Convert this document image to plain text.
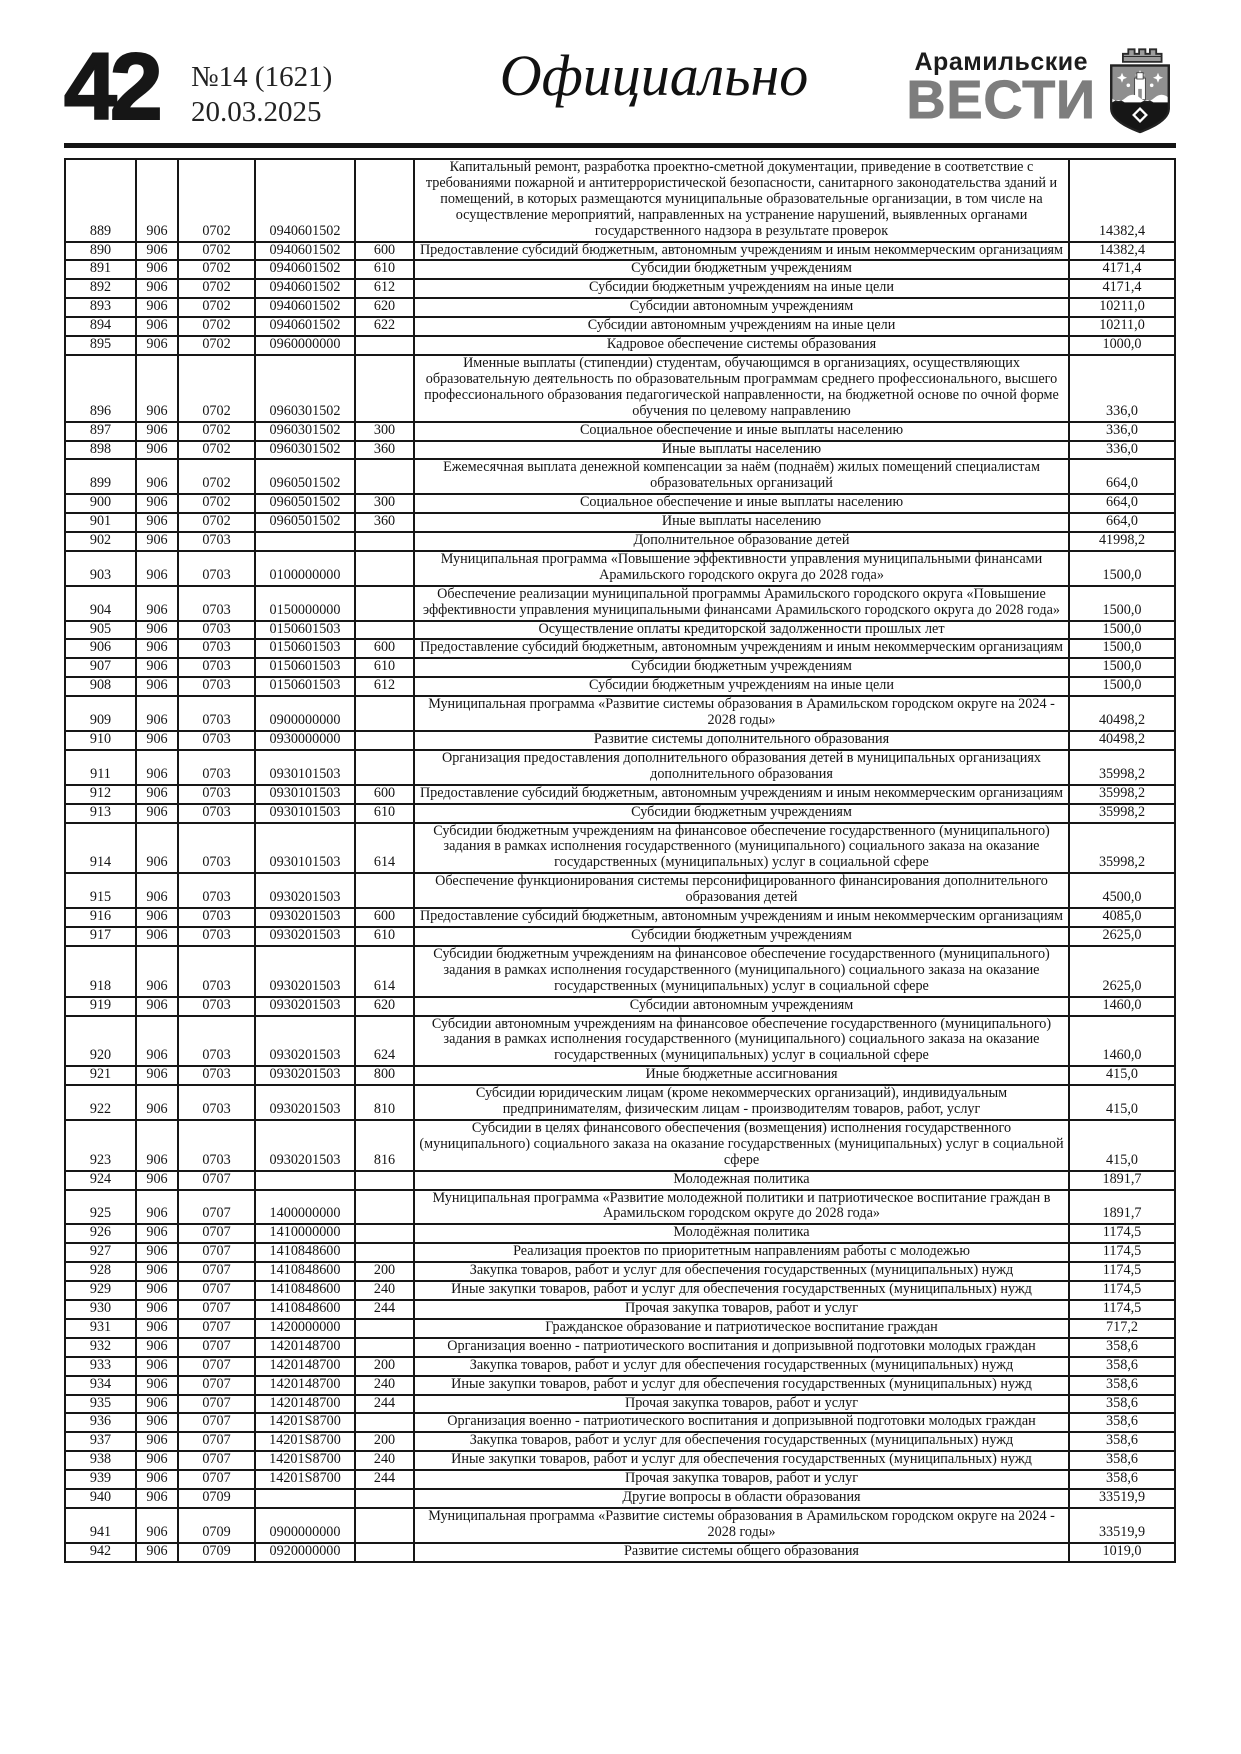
42 №14 (1621)
20.03.2025
Официально	Арамильские
ВЕСТИ
889	906	0702	0940601502		Капитальный ремонт, разработка проектно-сметной документации, приведение в соответствие с требованиями пожарной и антитеррористической безопасности, санитарного законодательства зданий и помещений, в которых размещаются муниципальные образовательные организации, в том числе на осуществление мероприятий, направленных на устранение нарушений, выявленных органами государственного надзора в результате проверок	14382,4
890	906	0702	0940601502	600	Предоставление субсидий бюджетным, автономным учреждениям и иным некоммерческим организациям	14382,4
891	906	0702	0940601502	610	Субсидии бюджетным учреждениям	4171,4
892	906	0702	0940601502	612	Субсидии бюджетным учреждениям на иные цели	4171,4
893	906	0702	0940601502	620	Субсидии автономным учреждениям	10211,0
894	906	0702	0940601502	622	Субсидии автономным учреждениям на иные цели	10211,0
895	906	0702	0960000000		Кадровое обеспечение системы образования	1000,0
896	906	0702	0960301502		Именные выплаты (стипендии) студентам, обучающимся в организациях, осуществляющих образовательную деятельность по образовательным программам среднего профессионального, высшего профессионального образования педагогической направленности, на бюджетной основе по очной форме обучения по целевому направлению	336,0
897	906	0702	0960301502	300	Социальное обеспечение и иные выплаты населению	336,0
898	906	0702	0960301502	360	Иные выплаты населению	336,0
899	906	0702	0960501502		Ежемесячная выплата денежной компенсации за наём (поднаём) жилых помещений специалистам образовательных организаций	664,0
900	906	0702	0960501502	300	Социальное обеспечение и иные выплаты населению	664,0
901	906	0702	0960501502	360	Иные выплаты населению	664,0
902	906	0703			Дополнительное образование детей	41998,2
903	906	0703	0100000000		Муниципальная программа «Повышение эффективности управления муниципальными финансами Арамильского городского округа до 2028 года»	1500,0
904	906	0703	0150000000		Обеспечение реализации муниципальной программы Арамильского городского округа «Повышение эффективности управления муниципальными финансами Арамильского городского округа до 2028 года»	1500,0
905	906	0703	0150601503		Осуществление оплаты кредиторской задолженности прошлых лет	1500,0
906	906	0703	0150601503	600	Предоставление субсидий бюджетным, автономным учреждениям и иным некоммерческим организациям	1500,0
907	906	0703	0150601503	610	Субсидии бюджетным учреждениям	1500,0
908	906	0703	0150601503	612	Субсидии бюджетным учреждениям на иные цели	1500,0
909	906	0703	0900000000		Муниципальная программа «Развитие системы образования в Арамильском городском округе на 2024 - 2028 годы»	40498,2
910	906	0703	0930000000		Развитие системы дополнительного образования	40498,2
911	906	0703	0930101503		Организация предоставления дополнительного образования детей в муниципальных организациях дополнительного образования	35998,2
912	906	0703	0930101503	600	Предоставление субсидий бюджетным, автономным учреждениям и иным некоммерческим организациям	35998,2
913	906	0703	0930101503	610	Субсидии бюджетным учреждениям	35998,2
914	906	0703	0930101503	614	Субсидии бюджетным учреждениям на финансовое обеспечение государственного (муниципального) задания в рамках исполнения государственного (муниципального) социального заказа на оказание государственных (муниципальных) услуг в социальной сфере	35998,2
915	906	0703	0930201503		Обеспечение функционирования системы персонифицированного финансирования дополнительного образования детей	4500,0
916	906	0703	0930201503	600	Предоставление субсидий бюджетным, автономным учреждениям и иным некоммерческим организациям	4085,0
917	906	0703	0930201503	610	Субсидии бюджетным учреждениям	2625,0
918	906	0703	0930201503	614	Субсидии бюджетным учреждениям на финансовое обеспечение государственного (муниципального) задания в рамках исполнения государственного (муниципального) социального заказа на оказание государственных (муниципальных) услуг в социальной сфере	2625,0
919	906	0703	0930201503	620	Субсидии автономным учреждениям	1460,0
920	906	0703	0930201503	624	Субсидии автономным учреждениям на финансовое обеспечение государственного (муниципального) задания в рамках исполнения государственного (муниципального) социального заказа на оказание государственных (муниципальных) услуг в социальной сфере	1460,0
921	906	0703	0930201503	800	Иные бюджетные ассигнования	415,0
922	906	0703	0930201503	810	Субсидии юридическим лицам (кроме некоммерческих организаций), индивидуальным предпринимателям, физическим лицам - производителям товаров, работ, услуг	415,0
923	906	0703	0930201503	816	Субсидии в целях финансового обеспечения (возмещения) исполнения государственного (муниципального) социального заказа на оказание государственных (муниципальных) услуг в социальной сфере	415,0
924	906	0707			Молодежная политика	1891,7
925	906	0707	1400000000		Муниципальная программа «Развитие молодежной политики и патриотическое воспитание граждан в Арамильском городском округе до 2028 года»	1891,7
926	906	0707	1410000000		Молодёжная политика	1174,5
927	906	0707	1410848600		Реализация проектов по приоритетным направлениям работы с молодежью	1174,5
928	906	0707	1410848600	200	Закупка товаров, работ и услуг для обеспечения государственных (муниципальных) нужд	1174,5
929	906	0707	1410848600	240	Иные закупки товаров, работ и услуг для обеспечения государственных (муниципальных) нужд	1174,5
930	906	0707	1410848600	244	Прочая закупка товаров, работ и услуг	1174,5
931	906	0707	1420000000		Гражданское образование и патриотическое воспитание граждан	717,2
932	906	0707	1420148700		Организация военно - патриотического воспитания и допризывной подготовки молодых граждан	358,6
933	906	0707	1420148700	200	Закупка товаров, работ и услуг для обеспечения государственных (муниципальных) нужд	358,6
934	906	0707	1420148700	240	Иные закупки товаров, работ и услуг для обеспечения государственных (муниципальных) нужд	358,6
935	906	0707	1420148700	244	Прочая закупка товаров, работ и услуг	358,6
936	906	0707	14201S8700		Организация военно - патриотического воспитания и допризывной подготовки молодых граждан	358,6
937	906	0707	14201S8700	200	Закупка товаров, работ и услуг для обеспечения государственных (муниципальных) нужд	358,6
938	906	0707	14201S8700	240	Иные закупки товаров, работ и услуг для обеспечения государственных (муниципальных) нужд	358,6
939	906	0707	14201S8700	244	Прочая закупка товаров, работ и услуг	358,6
940	906	0709			Другие вопросы в области образования	33519,9
941	906	0709	0900000000		Муниципальная программа «Развитие системы образования в Арамильском городском округе на 2024 - 2028 годы»	33519,9
942	906	0709	0920000000		Развитие системы общего образования	1019,0
